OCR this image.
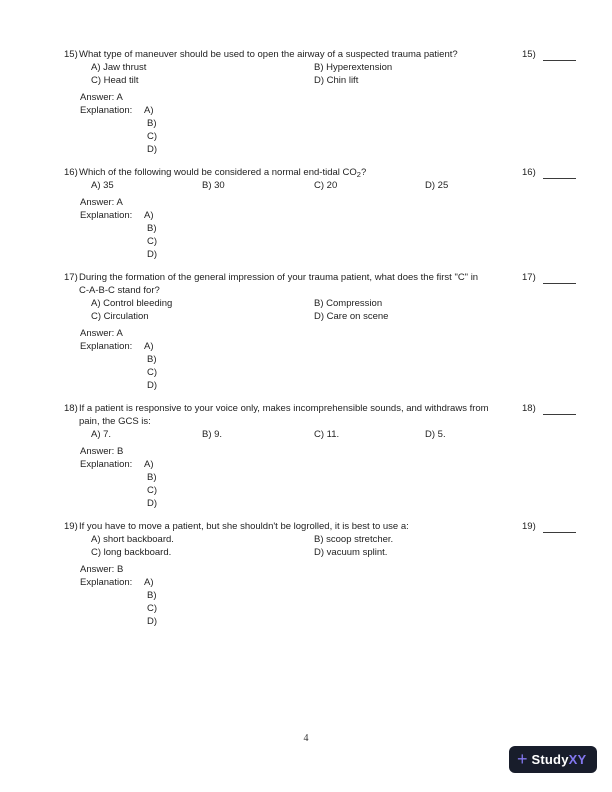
15) What type of maneuver should be used to open the airway of a suspected trauma patient?	15)
A) Jaw thrust	B) Hyperextension
C) Head tilt	D) Chin lift
Answer: A
Explanation: A)
B)
C)
D)
16) Which of the following would be considered a normal end-tidal $CO_2$?	16)
A) 35	B) 30	C) 20	D) 25
Answer: A
Explanation: A)
B)
C)
D)
17) During the formation of the general impression of your trauma patient, what does the first "C" in
C-A-B-C stand for?
17)
A) Control bleeding	B) Compression
C) Circulation	D) Care on scene
Answer: A
Explanation: A)
B)
C)
D)
18) If a patient is responsive to your voice only, makes incomprehensible sounds, and withdraws from
pain, the GCS is:
18)
A) 7.	B) 9.	C) 11.	D) 5.
Answer: B
Explanation: A)
B)
C)
D)
19) If you have to move a patient, but she shouldn't be logrolled, it is best to use a:	19)
A) short backboard.	B) scoop stretcher.
C) long backboard.	D) vacuum splint.
Answer: B
Explanation: A)
B)
C)
D)
4
+ StudyXY
